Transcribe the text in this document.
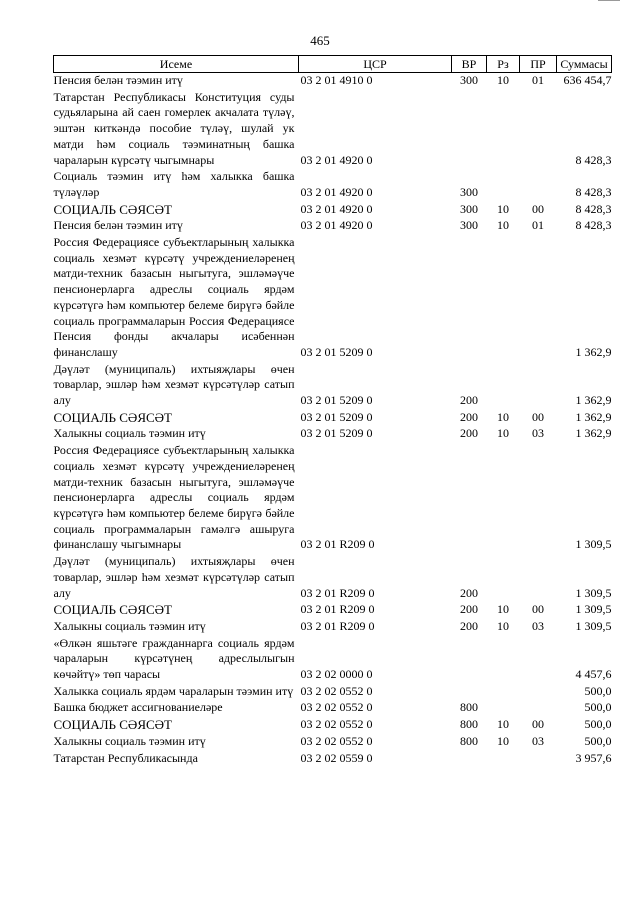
465
Исеме	ЦСР	ВР	Рз	ПР	Суммасы
Пенсия белән тәэмин итү	03 2 01 4910 0	300	10	01	636 454,7
Татарстан Республикасы Конституция суды судьяларына ай саен гомерлек акчалата түләү, эштән киткәндә пособие түләү, шулай ук матди һәм социаль тәэминатның башка чараларын күрсәтү чыгымнары	03 2 01 4920 0				8 428,3
Социаль тәэмин итү һәм халыкка башка түләүләр	03 2 01 4920 0	300			8 428,3
СОЦИАЛЬ СӘЯСӘТ	03 2 01 4920 0	300	10	00	8 428,3
Пенсия белән тәэмин итү	03 2 01 4920 0	300	10	01	8 428,3
Россия Федерациясе субъектларының халыкка социаль хезмәт күрсәтү учреждениеләренең матди-техник базасын ныгытуга, эшләмәүче пенсионерларга адреслы социаль ярдәм күрсәтүгә һәм компьютер белеме бирүгә бәйле социаль программаларын Россия Федерациясе Пенсия фонды акчалары исәбеннән финанслашу	03 2 01 5209 0				1 362,9
Дәүләт (муниципаль) ихтыяҗлары өчен товарлар, эшләр һәм хезмәт күрсәтүләр сатып алу	03 2 01 5209 0	200			1 362,9
СОЦИАЛЬ СӘЯСӘТ	03 2 01 5209 0	200	10	00	1 362,9
Халыкны социаль тәэмин итү	03 2 01 5209 0	200	10	03	1 362,9
Россия Федерациясе субъектларының халыкка социаль хезмәт күрсәтү учреждениеләренең матди-техник базасын ныгытуга, эшләмәүче пенсионерларга адреслы социаль ярдәм күрсәтүгә һәм компьютер белеме бирүгә бәйле социаль программаларын гамәлгә ашыруга финанслашу чыгымнары	03 2 01 R209 0				1 309,5
Дәүләт (муниципаль) ихтыяҗлары өчен товарлар, эшләр һәм хезмәт күрсәтүләр сатып алу	03 2 01 R209 0	200			1 309,5
СОЦИАЛЬ СӘЯСӘТ	03 2 01 R209 0	200	10	00	1 309,5
Халыкны социаль тәэмин итү	03 2 01 R209 0	200	10	03	1 309,5
«Өлкән яшьтәге гражданнарга социаль ярдәм чараларын күрсәтүнең адреслылыгын көчәйтү» төп чарасы	03 2 02 0000 0				4 457,6
Халыкка социаль ярдәм чараларын тәэмин итү	03 2 02 0552 0				500,0
Башка бюджет ассигнованиеләре	03 2 02 0552 0	800			500,0
СОЦИАЛЬ СӘЯСӘТ	03 2 02 0552 0	800	10	00	500,0
Халыкны социаль тәэмин итү	03 2 02 0552 0	800	10	03	500,0
Татарстан Республикасында	03 2 02 0559 0				3 957,6
